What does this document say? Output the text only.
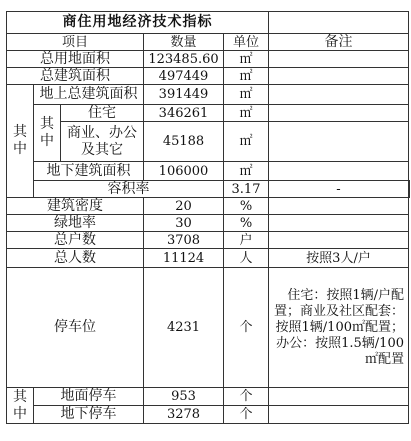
商住用地经济技术指标						
项目			数量	单位	备注	
总用地面积			123485.60	㎡		
总建筑面积			497449	㎡		
其中	地上总建筑面积		391449	㎡		
	其中	住宅	346261	㎡		
		商业、办公及其它	45188	㎡		
	地下建筑面积		106000	㎡		
	容积率			3.17	-	
建筑密度			20	%		
绿地率			30	%		
总户数			3708	户		
总人数			11124	人	按照3人/户	
停车位			4231	个	住宅：按照1辆/户配置；商业及社区配套：按照1辆/100㎡配置；办公：按照1.5辆/100㎡配置	
其中	地面停车		953	个		
	地下停车		3278	个		
